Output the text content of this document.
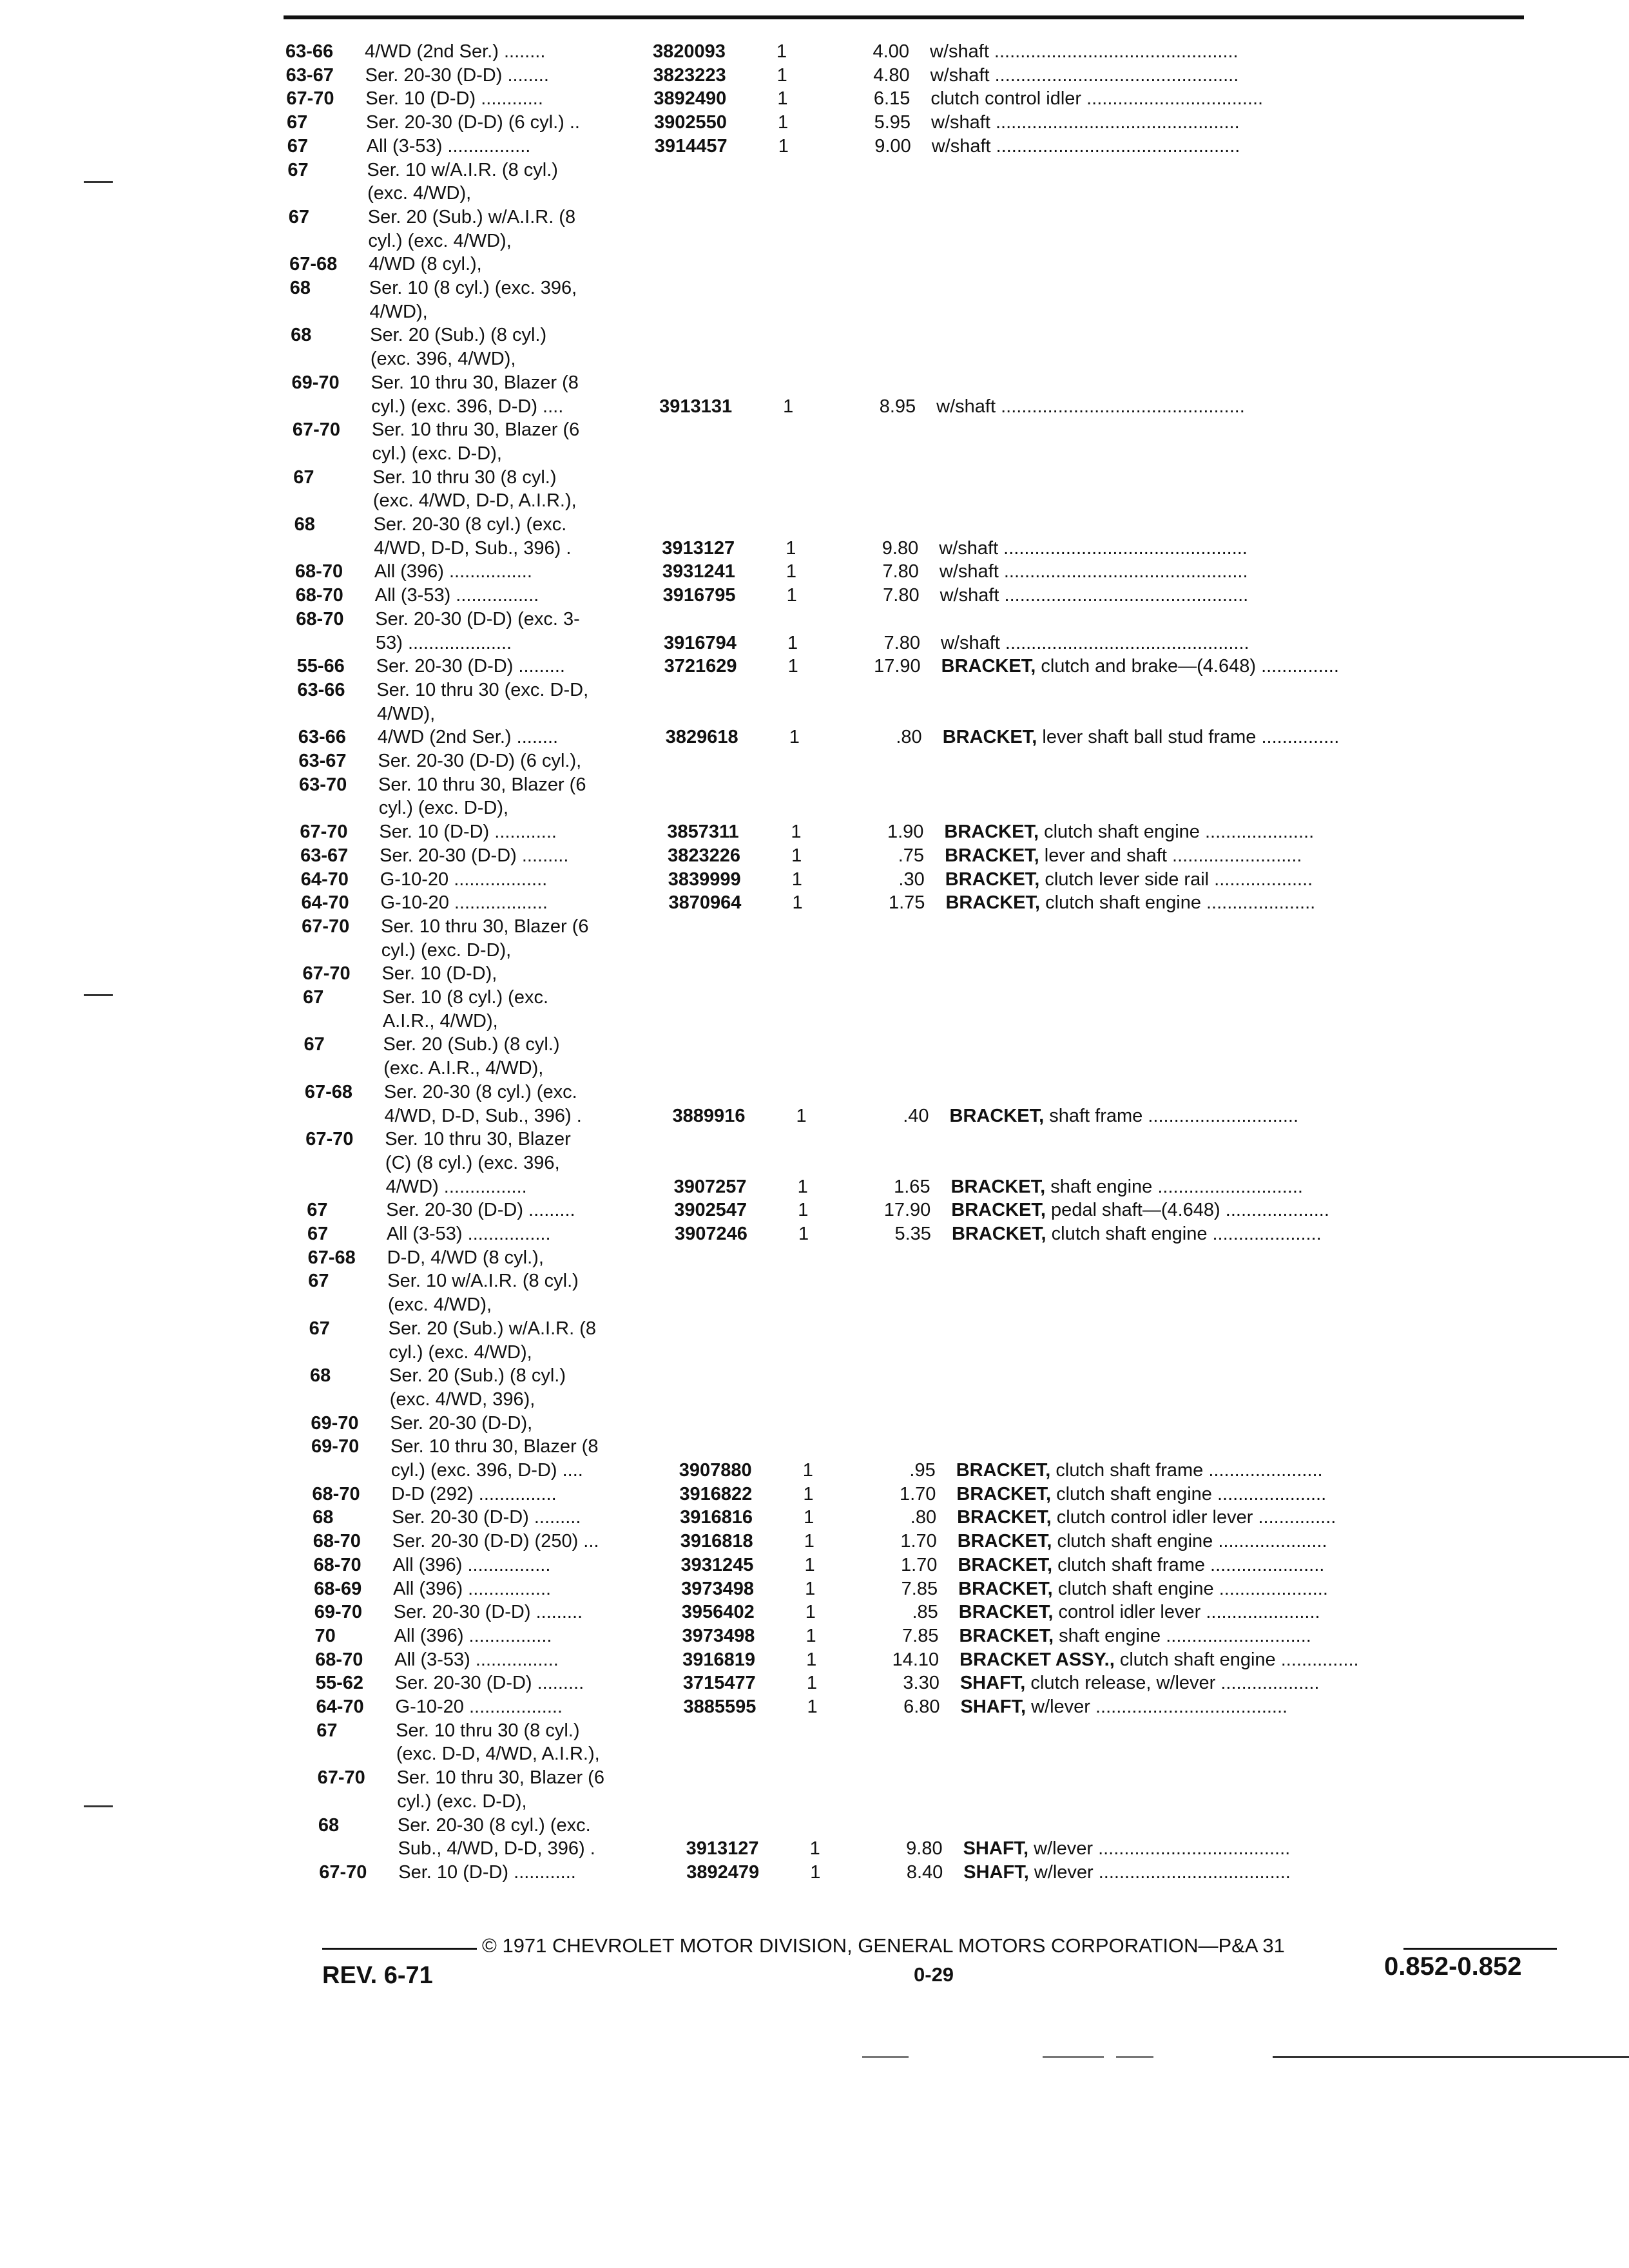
63-66 4/WD (2nd Ser.) ........	3820093	1	4.00 w/shaft ...............................................
63-67 Ser. 20-30 (D-D) ........	3823223	1	4.80 w/shaft ...............................................
67-70 Ser. 10 (D-D) ............	3892490	1	6.15 clutch control idler ..................................
67	Ser. 20-30 (D-D) (6 cyl.) ..	3902550	1	5.95 w/shaft ...............................................
67	All (3-53) ................	3914457	1	9.00 w/shaft ...............................................
67	Ser. 10 w/A.I.R. (8 cyl.)
(exc. 4/WD),
67	Ser. 20 (Sub.) w/A.I.R. (8
cyl.) (exc. 4/WD),
67-68 4/WD (8 cyl.),
68	Ser. 10 (8 cyl.) (exc. 396,
4/WD),
68	Ser. 20 (Sub.) (8 cyl.)
(exc. 396, 4/WD),
69-70 Ser. 10 thru 30, Blazer (8
cyl.) (exc. 396, D-D) ....	3913131	1	8.95 w/shaft ...............................................
67-70 Ser. 10 thru 30, Blazer (6
cyl.) (exc. D-D),
67	Ser. 10 thru 30 (8 cyl.)
(exc. 4/WD, D-D, A.I.R.),
68	Ser. 20-30 (8 cyl.) (exc.
4/WD, D-D, Sub., 396) .	3913127	1	9.80 w/shaft ...............................................
68-70 All (396) ................	3931241	1	7.80 w/shaft ...............................................
68-70 All (3-53) ................	3916795	1	7.80 w/shaft ...............................................
68-70 Ser. 20-30 (D-D) (exc. 3-
53) ....................	3916794	1	7.80 w/shaft ...............................................
55-66 Ser. 20-30 (D-D) .........	3721629	1	17.90 BRACKET, clutch and brake—(4.648) ...............
63-66 Ser. 10 thru 30 (exc. D-D,
4/WD),
63-66 4/WD (2nd Ser.) ........	3829618	1	.80 BRACKET, lever shaft ball stud frame ...............
63-67 Ser. 20-30 (D-D) (6 cyl.),
63-70 Ser. 10 thru 30, Blazer (6
cyl.) (exc. D-D),
67-70 Ser. 10 (D-D) ............	3857311	1	1.90 BRACKET, clutch shaft engine .....................
63-67 Ser. 20-30 (D-D) .........	3823226	1	.75 BRACKET, lever and shaft .........................
64-70 G-10-20 ..................	3839999	1	.30 BRACKET, clutch lever side rail ...................
64-70 G-10-20 ..................	3870964	1	1.75 BRACKET, clutch shaft engine .....................
67-70 Ser. 10 thru 30, Blazer (6
cyl.) (exc. D-D),
67-70 Ser. 10 (D-D),
67	Ser. 10 (8 cyl.) (exc.
A.I.R., 4/WD),
67	Ser. 20 (Sub.) (8 cyl.)
(exc. A.I.R., 4/WD),
67-68 Ser. 20-30 (8 cyl.) (exc.
4/WD, D-D, Sub., 396) .	3889916	1	.40 BRACKET, shaft frame .............................
67-70 Ser. 10 thru 30, Blazer
(C) (8 cyl.) (exc. 396,
4/WD) ................	3907257	1	1.65 BRACKET, shaft engine ............................
67	Ser. 20-30 (D-D) .........	3902547	1	17.90 BRACKET, pedal shaft—(4.648) ....................
67	All (3-53) ................	3907246	1	5.35 BRACKET, clutch shaft engine .....................
67-68 D-D, 4/WD (8 cyl.),
67	Ser. 10 w/A.I.R. (8 cyl.)
(exc. 4/WD),
67	Ser. 20 (Sub.) w/A.I.R. (8
cyl.) (exc. 4/WD),
68	Ser. 20 (Sub.) (8 cyl.)
(exc. 4/WD, 396),
69-70 Ser. 20-30 (D-D),
69-70 Ser. 10 thru 30, Blazer (8
cyl.) (exc. 396, D-D) ....	3907880	1	.95 BRACKET, clutch shaft frame ......................
68-70 D-D (292) ...............	3916822	1	1.70 BRACKET, clutch shaft engine .....................
68	Ser. 20-30 (D-D) .........	3916816	1	.80 BRACKET, clutch control idler lever ...............
68-70 Ser. 20-30 (D-D) (250) ...	3916818	1	1.70 BRACKET, clutch shaft engine .....................
68-70 All (396) ................	3931245	1	1.70 BRACKET, clutch shaft frame ......................
68-69 All (396) ................	3973498	1	7.85 BRACKET, clutch shaft engine .....................
69-70 Ser. 20-30 (D-D) .........	3956402	1	.85 BRACKET, control idler lever ......................
70	All (396) ................	3973498	1	7.85 BRACKET, shaft engine ............................
68-70 All (3-53) ................	3916819	1	14.10 BRACKET ASSY., clutch shaft engine ...............
55-62 Ser. 20-30 (D-D) .........	3715477	1	3.30 SHAFT, clutch release, w/lever ...................
64-70 G-10-20 ..................	3885595	1	6.80 SHAFT, w/lever .....................................
67	Ser. 10 thru 30 (8 cyl.)
(exc. D-D, 4/WD, A.I.R.),
67-70 Ser. 10 thru 30, Blazer (6
cyl.) (exc. D-D),
68	Ser. 20-30 (8 cyl.) (exc.
Sub., 4/WD, D-D, 396) .	3913127	1	9.80 SHAFT, w/lever .....................................
67-70 Ser. 10 (D-D) ............	3892479	1	8.40 SHAFT, w/lever .....................................
© 1971 CHEVROLET MOTOR DIVISION, GENERAL MOTORS CORPORATION—P&A 31
REV. 6-71	0-29	0.852-0.852
